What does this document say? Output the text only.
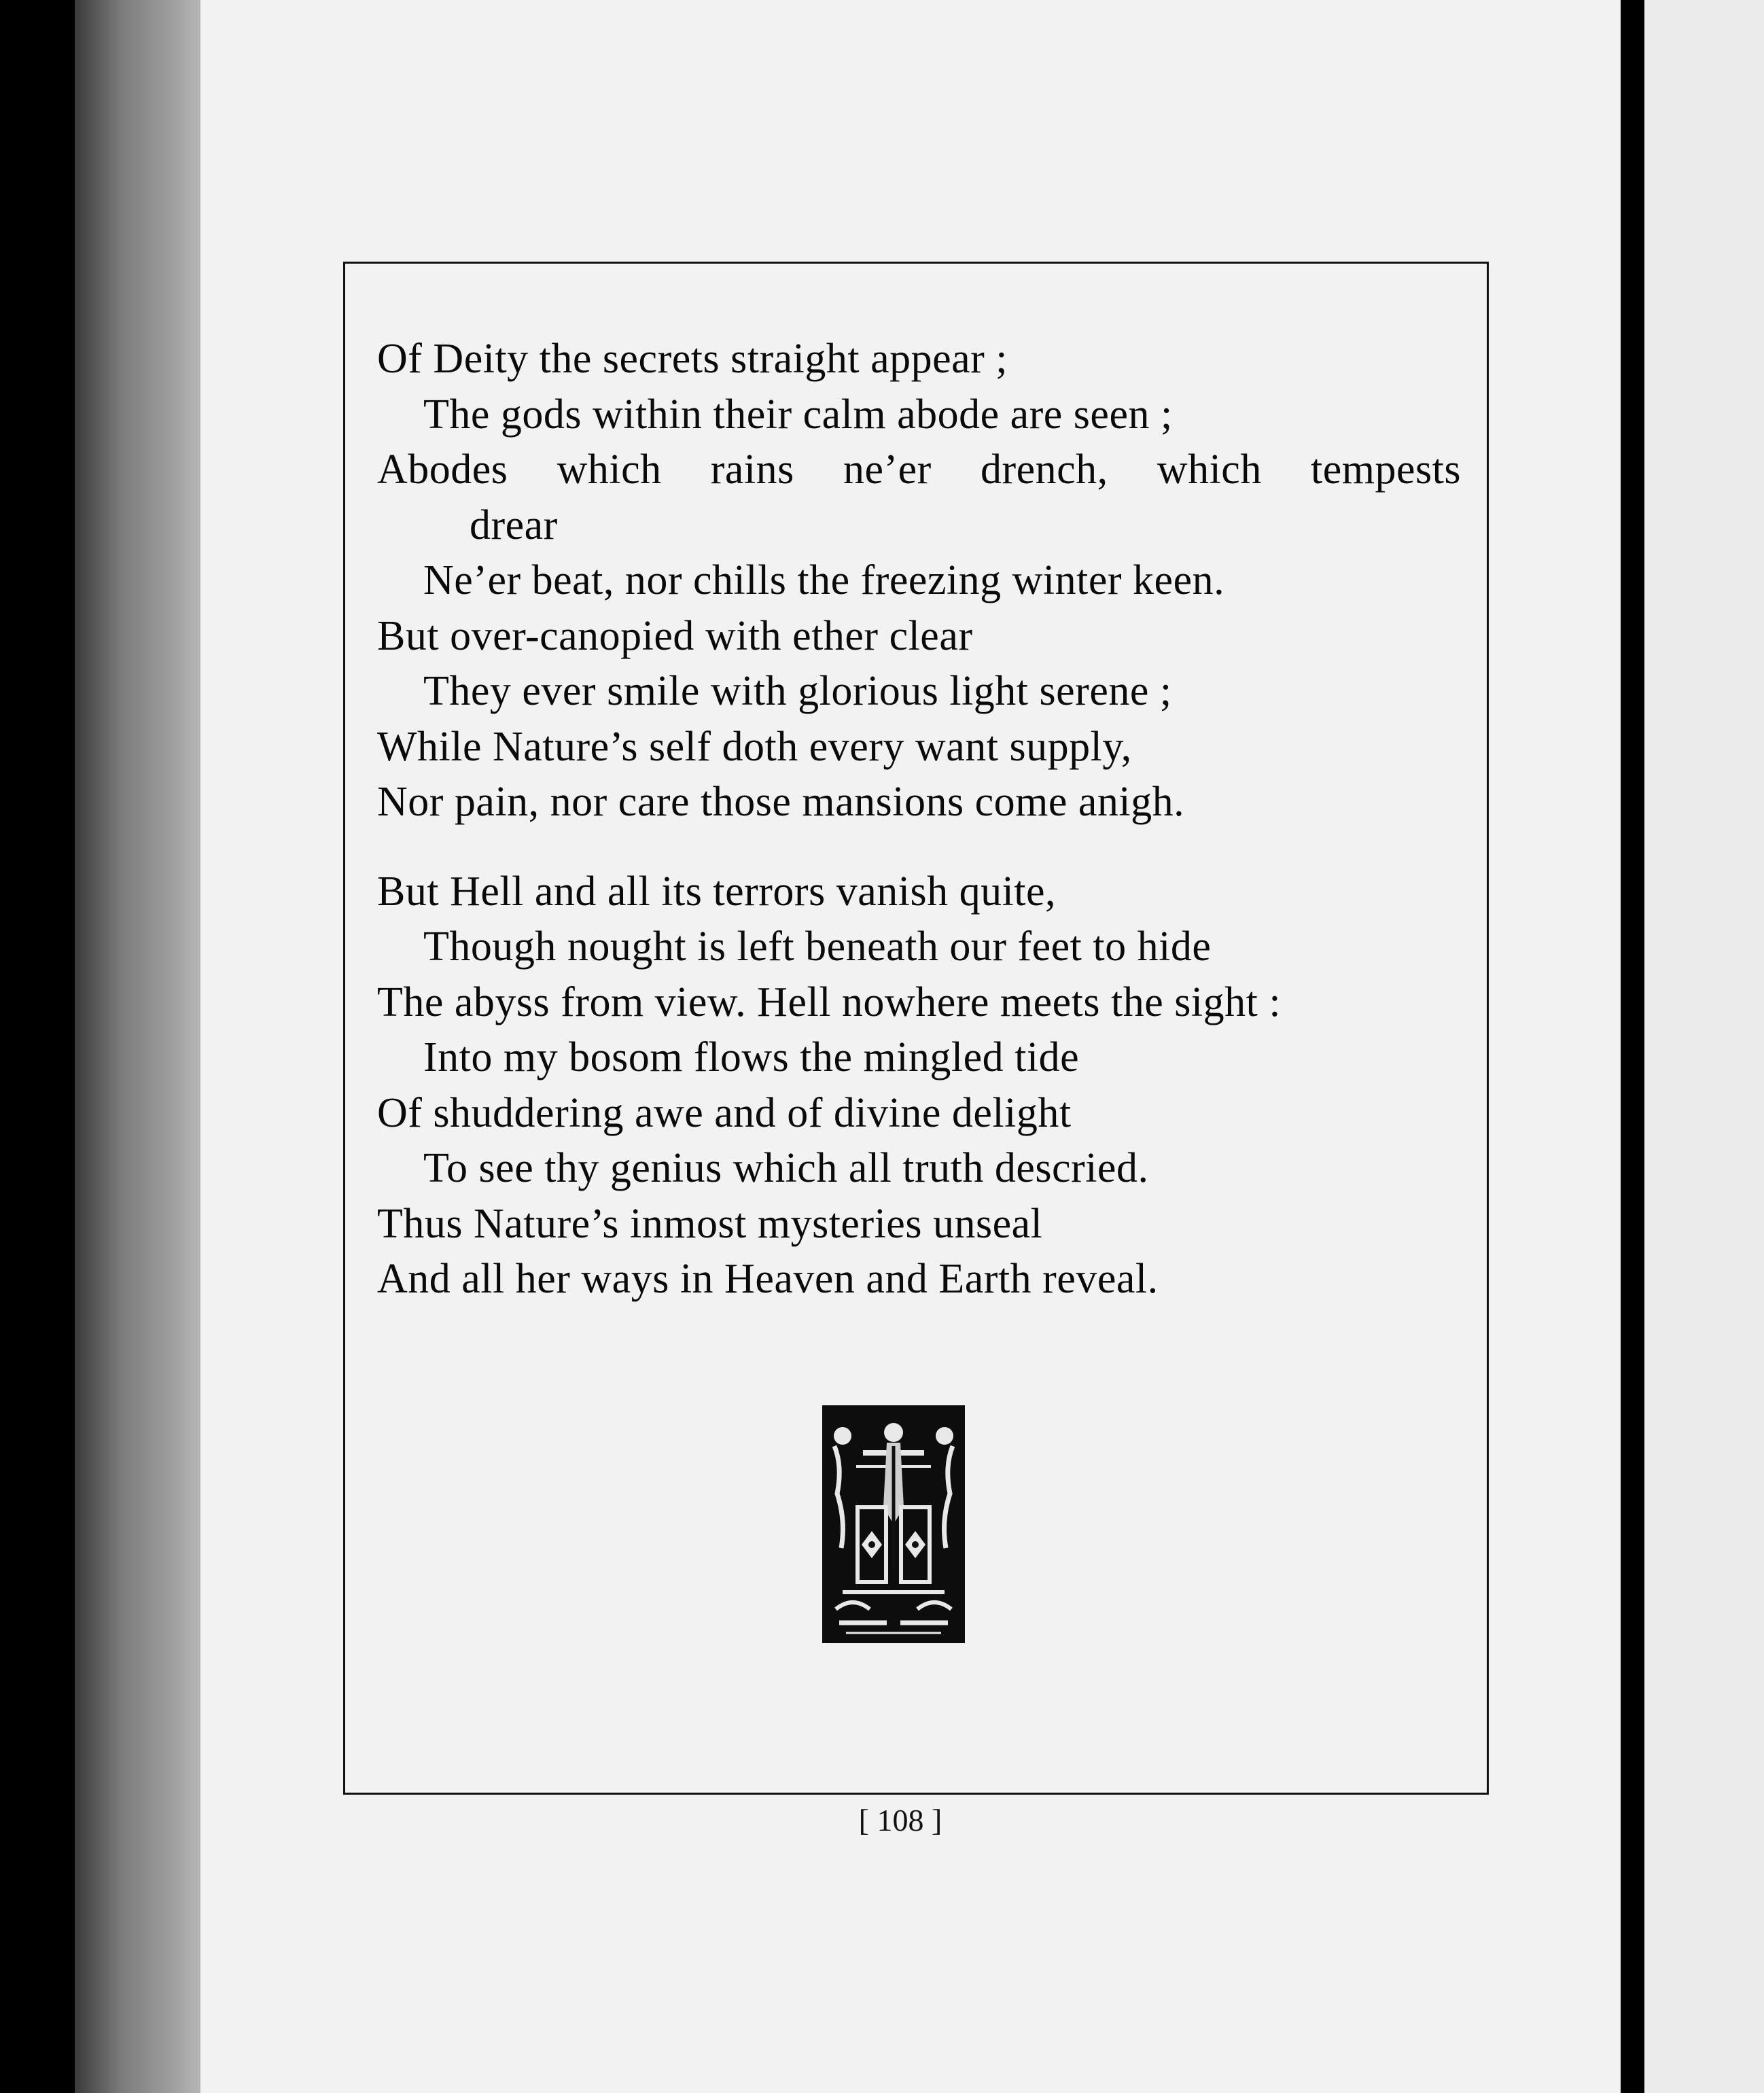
Of Deity the secrets straight appear ;
The gods within their calm abode are seen ;
Abodes which rains ne’er drench, which tempests
drear
Ne’er beat, nor chills the freezing winter keen.
But over-canopied with ether clear
They ever smile with glorious light serene ;
While Nature’s self doth every want supply,
Nor pain, nor care those mansions come anigh.
But Hell and all its terrors vanish quite,
Though nought is left beneath our feet to hide
The abyss from view. Hell nowhere meets the sight :
Into my bosom flows the mingled tide
Of shuddering awe and of divine delight
To see thy genius which all truth descried.
Thus Nature’s inmost mysteries unseal
And all her ways in Heaven and Earth reveal.
[ 108 ]
